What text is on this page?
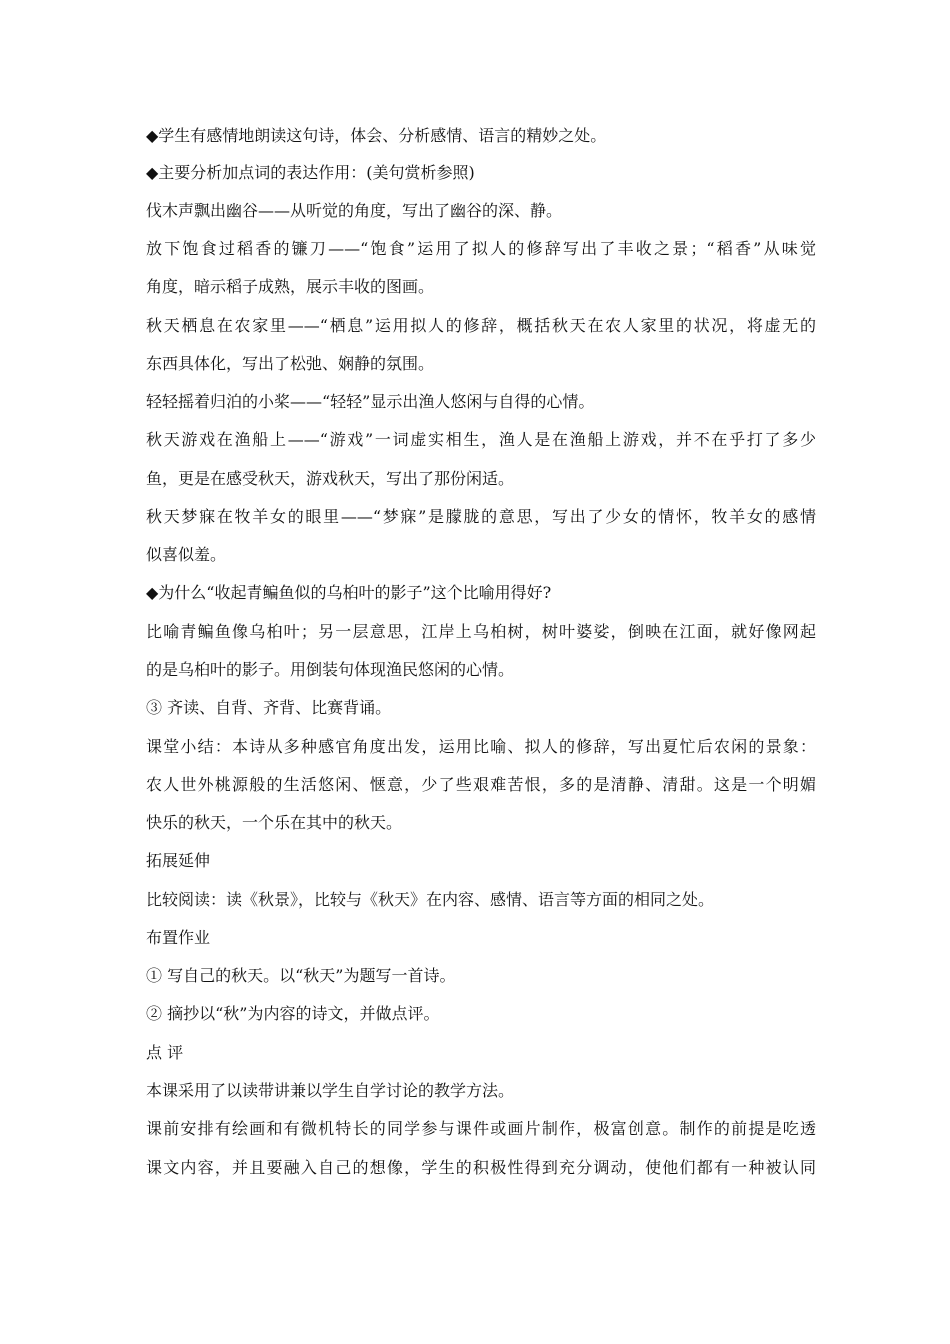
◆学生有感情地朗读这句诗，体会、分析感情、语言的精妙之处。
◆主要分析加点词的表达作用：(美句赏析参照)
伐木声飘出幽谷——从听觉的角度，写出了幽谷的深、静。
放下饱食过稻香的镰刀——“饱食”运用了拟人的修辞写出了丰收之景；“稻香”从味觉
角度，暗示稻子成熟，展示丰收的图画。
秋天栖息在农家里——“栖息”运用拟人的修辞，概括秋天在农人家里的状况，将虚无的
东西具体化，写出了松弛、娴静的氛围。
轻轻摇着归泊的小桨——“轻轻”显示出渔人悠闲与自得的心情。
秋天游戏在渔船上——“游戏”一词虚实相生，渔人是在渔船上游戏，并不在乎打了多少
鱼，更是在感受秋天，游戏秋天，写出了那份闲适。
秋天梦寐在牧羊女的眼里——“梦寐”是朦胧的意思，写出了少女的情怀，牧羊女的感情
似喜似羞。
◆为什么“收起青鳊鱼似的乌桕叶的影子”这个比喻用得好?
比喻青鳊鱼像乌桕叶；另一层意思，江岸上乌桕树，树叶婆娑，倒映在江面，就好像网起
的是乌桕叶的影子。用倒装句体现渔民悠闲的心情。
③ 齐读、自背、齐背、比赛背诵。
课堂小结：本诗从多种感官角度出发，运用比喻、拟人的修辞，写出夏忙后农闲的景象：
农人世外桃源般的生活悠闲、惬意，少了些艰难苦恨，多的是清静、清甜。这是一个明媚
快乐的秋天，一个乐在其中的秋天。
拓展延伸
比较阅读：读《秋景》，比较与《秋天》在内容、感情、语言等方面的相同之处。
布置作业
① 写自己的秋天。以“秋天”为题写一首诗。
② 摘抄以“秋”为内容的诗文，并做点评。
点 评
本课采用了以读带讲兼以学生自学讨论的教学方法。
课前安排有绘画和有微机特长的同学参与课件或画片制作，极富创意。制作的前提是吃透
课文内容，并且要融入自己的想像，学生的积极性得到充分调动，使他们都有一种被认同
